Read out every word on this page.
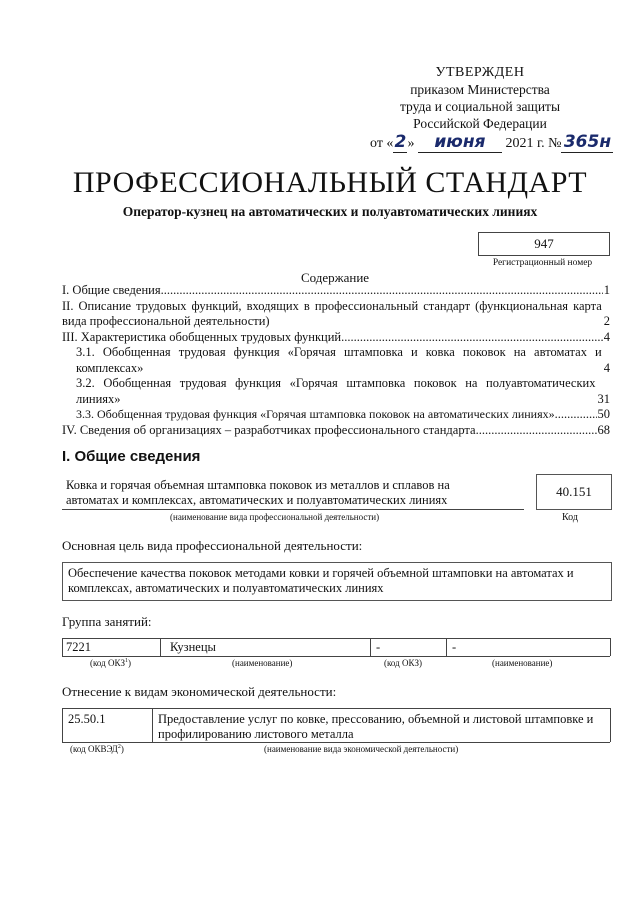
УТВЕРЖДЕН
приказом Министерства
труда и социальной защиты
Российской Федерации
от «2» июня 2021 г. № 365н
ПРОФЕССИОНАЛЬНЫЙ СТАНДАРТ
Оператор-кузнец на автоматических и полуавтоматических линиях
947
Регистрационный номер
Содержание
I. Общие сведения .....	1
II. Описание трудовых функций, входящих в профессиональный стандарт (функциональная карта вида профессиональной деятельности)	2
III. Характеристика обобщенных трудовых функций .....	4
3.1. Обобщенная трудовая функция «Горячая штамповка и ковка поковок на автоматах и комплексах»	4
3.2. Обобщенная трудовая функция «Горячая штамповка поковок на полуавтоматических линиях»	31
3.3. Обобщенная трудовая функция «Горячая штамповка поковок на автоматических линиях» .....	50
IV. Сведения об организациях – разработчиках профессионального стандарта .....	68
I. Общие сведения
Ковка и горячая объемная штамповка поковок из металлов и сплавов на автоматах и комплексах, автоматических и полуавтоматических линиях
40.151
(наименование вида профессиональной деятельности)	Код
Основная цель вида профессиональной деятельности:
Обеспечение качества поковок методами ковки и горячей объемной штамповки на автоматах и комплексах, автоматических и полуавтоматических линиях
Группа занятий:
7221	Кузнецы	-	-
(код ОКЗ$^1$)	(наименование)	(код ОКЗ)	(наименование)
Отнесение к видам экономической деятельности:
25.50.1	Предоставление услуг по ковке, прессованию, объемной и листовой штамповке и профилированию листового металла
(код ОКВЭД$^2$)	(наименование вида экономической деятельности)
